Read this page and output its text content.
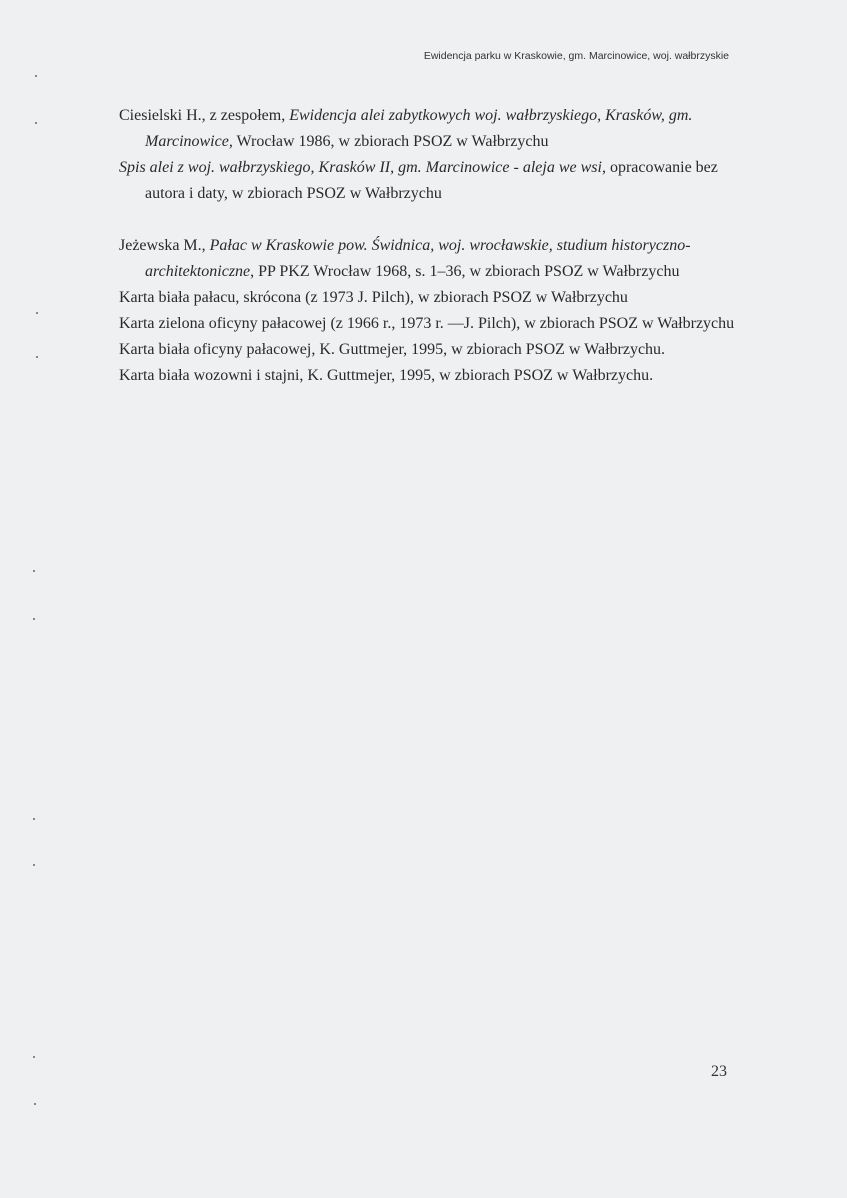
Ewidencja parku w Kraskowie, gm. Marcinowice, woj. wałbrzyskie

Ciesielski H., z zespołem, Ewidencja alei zabytkowych woj. wałbrzyskiego, Krasków, gm. Marcinowice, Wrocław 1986, w zbiorach PSOZ w Wałbrzychu

Spis alei z woj. wałbrzyskiego, Krasków II, gm. Marcinowice - aleja we wsi, opracowanie bez autora i daty, w zbiorach PSOZ w Wałbrzychu

Jeżewska M., Pałac w Kraskowie pow. Świdnica, woj. wrocławskie, studium historyczno-architektoniczne, PP PKZ Wrocław 1968, s. 1–36, w zbiorach PSOZ w Wałbrzychu

Karta biała pałacu, skrócona (z 1973 J. Pilch), w zbiorach PSOZ w Wałbrzychu

Karta zielona oficyny pałacowej (z 1966 r., 1973 r. —J. Pilch), w zbiorach PSOZ w Wałbrzychu

Karta biała oficyny pałacowej, K. Guttmejer, 1995, w zbiorach PSOZ w Wałbrzychu.

Karta biała wozowni i stajni, K. Guttmejer, 1995, w zbiorach PSOZ w Wałbrzychu.

23
